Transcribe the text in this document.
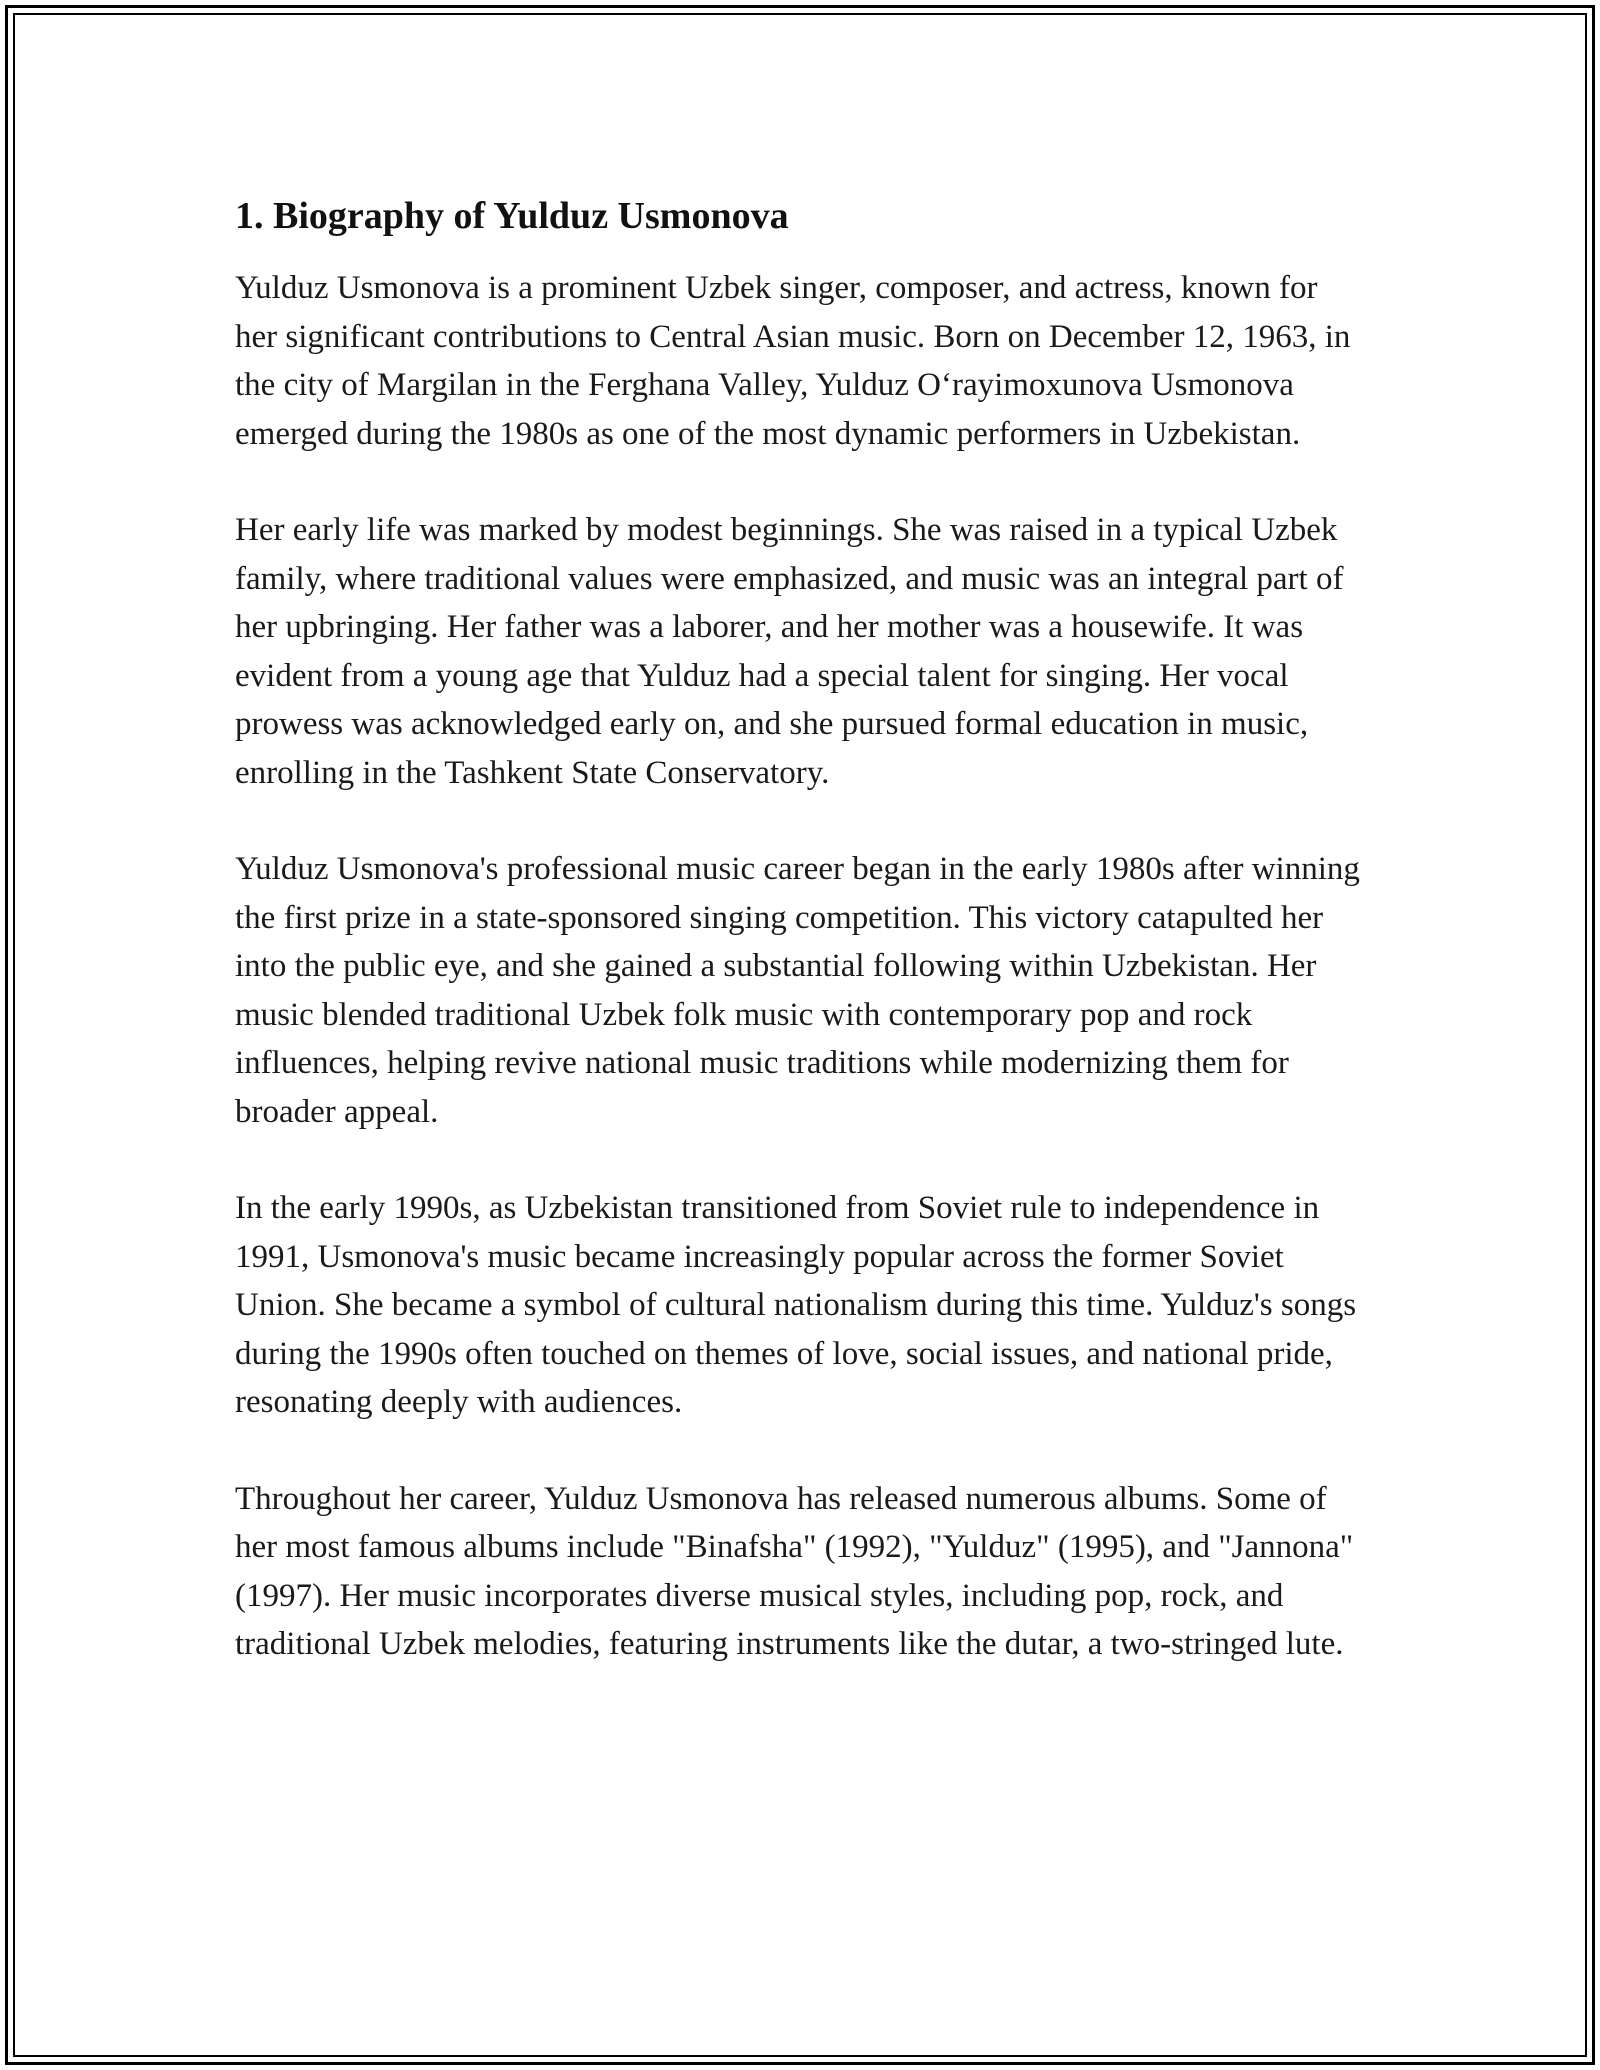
1. Biography of Yulduz Usmonova

Yulduz Usmonova is a prominent Uzbek singer, composer, and actress, known for her significant contributions to Central Asian music. Born on December 12, 1963, in the city of Margilan in the Ferghana Valley, Yulduz O‘rayimoxunova Usmonova emerged during the 1980s as one of the most dynamic performers in Uzbekistan.

Her early life was marked by modest beginnings. She was raised in a typical Uzbek family, where traditional values were emphasized, and music was an integral part of her upbringing. Her father was a laborer, and her mother was a housewife. It was evident from a young age that Yulduz had a special talent for singing. Her vocal prowess was acknowledged early on, and she pursued formal education in music, enrolling in the Tashkent State Conservatory.

Yulduz Usmonova's professional music career began in the early 1980s after winning the first prize in a state-sponsored singing competition. This victory catapulted her into the public eye, and she gained a substantial following within Uzbekistan. Her music blended traditional Uzbek folk music with contemporary pop and rock influences, helping revive national music traditions while modernizing them for broader appeal.

In the early 1990s, as Uzbekistan transitioned from Soviet rule to independence in 1991, Usmonova's music became increasingly popular across the former Soviet Union. She became a symbol of cultural nationalism during this time. Yulduz's songs during the 1990s often touched on themes of love, social issues, and national pride, resonating deeply with audiences.

Throughout her career, Yulduz Usmonova has released numerous albums. Some of her most famous albums include "Binafsha" (1992), "Yulduz" (1995), and "Jannona" (1997). Her music incorporates diverse musical styles, including pop, rock, and traditional Uzbek melodies, featuring instruments like the dutar, a two-stringed lute.
